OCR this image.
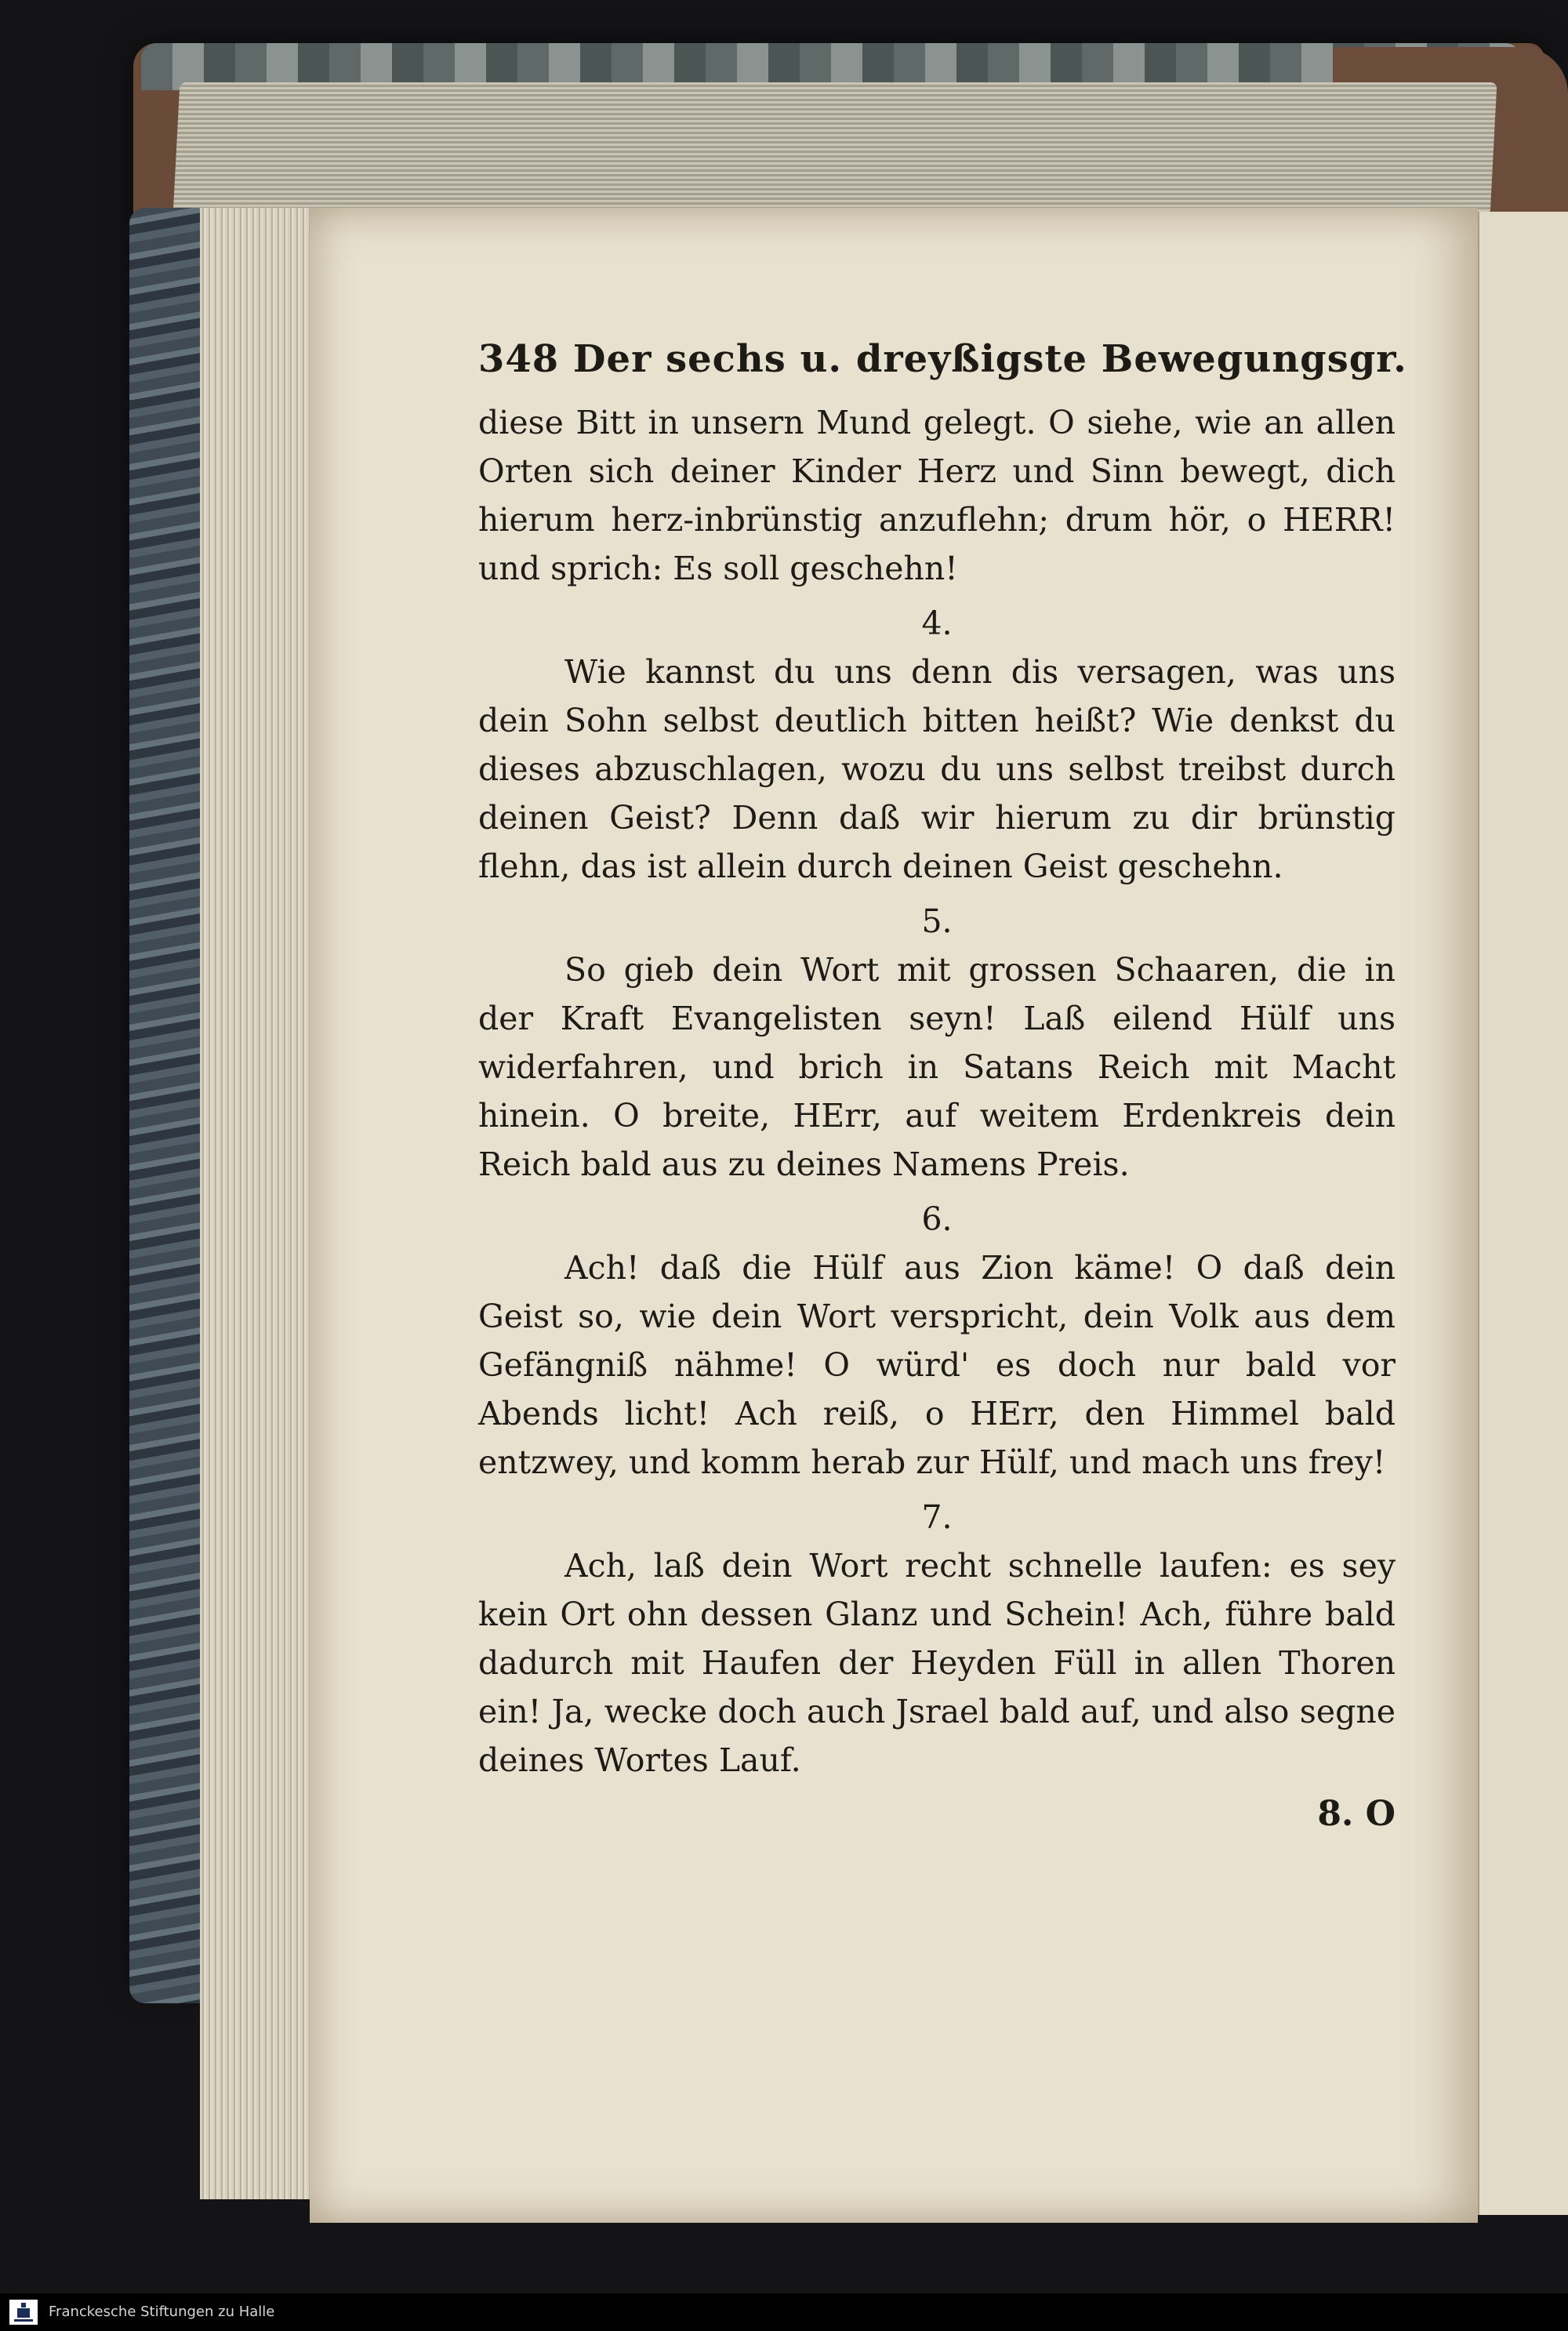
348 Der sechs u. dreyßigste Bewegungsgr.

diese Bitt in unsern Mund gelegt. O siehe, wie an allen Orten sich deiner Kinder Herz und Sinn bewegt, dich hierum herz-inbrünstig anzuflehn; drum hör, o HERR! und sprich: Es soll geschehn!

4.

Wie kannst du uns denn dis versagen, was uns dein Sohn selbst deutlich bitten heißt? Wie denkst du dieses abzuschlagen, wozu du uns selbst treibst durch deinen Geist? Denn daß wir hierum zu dir brünstig flehn, das ist allein durch deinen Geist geschehn.

5.

So gieb dein Wort mit grossen Schaaren, die in der Kraft Evangelisten seyn! Laß eilend Hülf uns widerfahren, und brich in Satans Reich mit Macht hinein. O breite, HErr, auf weitem Erdenkreis dein Reich bald aus zu deines Namens Preis.

6.

Ach! daß die Hülf aus Zion käme! O daß dein Geist so, wie dein Wort verspricht, dein Volk aus dem Gefängniß nähme! O würd' es doch nur bald vor Abends licht! Ach reiß, o HErr, den Himmel bald entzwey, und komm herab zur Hülf, und mach uns frey!

7.

Ach, laß dein Wort recht schnelle laufen: es sey kein Ort ohn dessen Glanz und Schein! Ach, führe bald dadurch mit Haufen der Heyden Füll in allen Thoren ein! Ja, wecke doch auch Jsrael bald auf, und also segne deines Wortes Lauf.

8. O
Franckesche Stiftungen zu Halle
